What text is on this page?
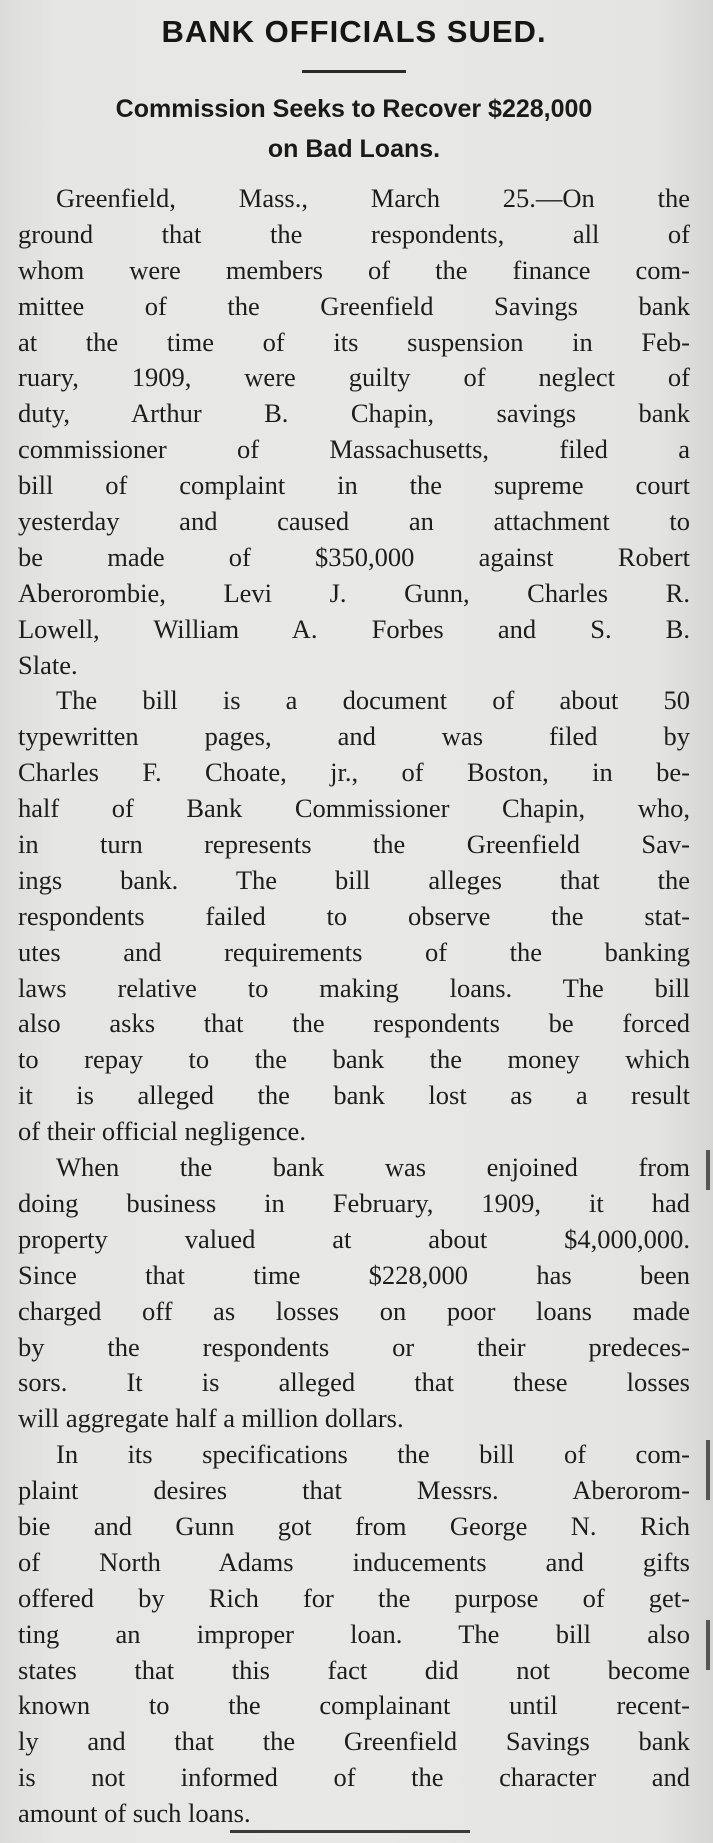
BANK OFFICIALS SUED.
Commission Seeks to Recover $228,000
on Bad Loans.
Greenfield, Mass., March 25.—On the
ground that the respondents, all of
whom were members of the finance com-
mittee of the Greenfield Savings bank
at the time of its suspension in Feb-
ruary, 1909, were guilty of neglect of
duty, Arthur B. Chapin, savings bank
commissioner of Massachusetts, filed a
bill of complaint in the supreme court
yesterday and caused an attachment to
be made of $350,000 against Robert
Aberorombie, Levi J. Gunn, Charles R.
Lowell, William A. Forbes and S. B.
Slate.
The bill is a document of about 50
typewritten pages, and was filed by
Charles F. Choate, jr., of Boston, in be-
half of Bank Commissioner Chapin, who,
in turn represents the Greenfield Sav-
ings bank. The bill alleges that the
respondents failed to observe the stat-
utes and requirements of the banking
laws relative to making loans. The bill
also asks that the respondents be forced
to repay to the bank the money which
it is alleged the bank lost as a result
of their official negligence.
When the bank was enjoined from
doing business in February, 1909, it had
property valued at about $4,000,000.
Since that time $228,000 has been
charged off as losses on poor loans made
by the respondents or their predeces-
sors. It is alleged that these losses
will aggregate half a million dollars.
In its specifications the bill of com-
plaint desires that Messrs. Aberorom-
bie and Gunn got from George N. Rich
of North Adams inducements and gifts
offered by Rich for the purpose of get-
ting an improper loan. The bill also
states that this fact did not become
known to the complainant until recent-
ly and that the Greenfield Savings bank
is not informed of the character and
amount of such loans.
